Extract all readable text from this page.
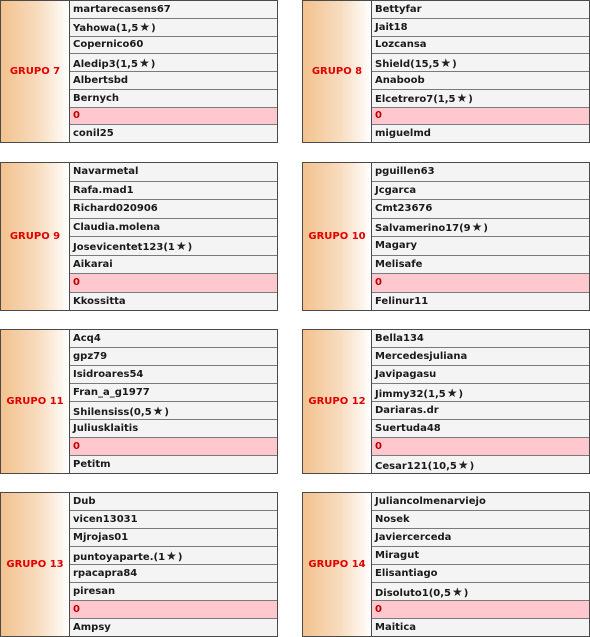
GRUPO 7
martarecasens67
Yahowa(1,5★)
Copernico60
Aledip3(1,5★)
Albertsbd
Bernych
0
conil25
GRUPO 8
Bettyfar
Jait18
Lozcansa
Shield(15,5★)
Anaboob
Elcetrero7(1,5★)
0
miguelmd
GRUPO 9
Navarmetal
Rafa.mad1
Richard020906
Claudia.molena
Josevicentet123(1★)
Aikarai
0
Kkossitta
GRUPO 10
pguillen63
Jcgarca
Cmt23676
Salvamerino17(9★)
Magary
Melisafe
0
Felinur11
GRUPO 11
Acq4
gpz79
Isidroares54
Fran_a_g1977
Shilensiss(0,5★)
Juliusklaitis
0
Petitm
GRUPO 12
Bella134
Mercedesjuliana
Javipagasu
Jimmy32(1,5★)
Dariaras.dr
Suertuda48
0
Cesar121(10,5★)
GRUPO 13
Dub
vicen13031
Mjrojas01
puntoyaparte.(1★)
rpacapra84
piresan
0
Ampsy
GRUPO 14
Juliancolmenarviejo
Nosek
Javiercerceda
Miragut
Elisantiago
Disoluto1(0,5★)
0
Maitica
